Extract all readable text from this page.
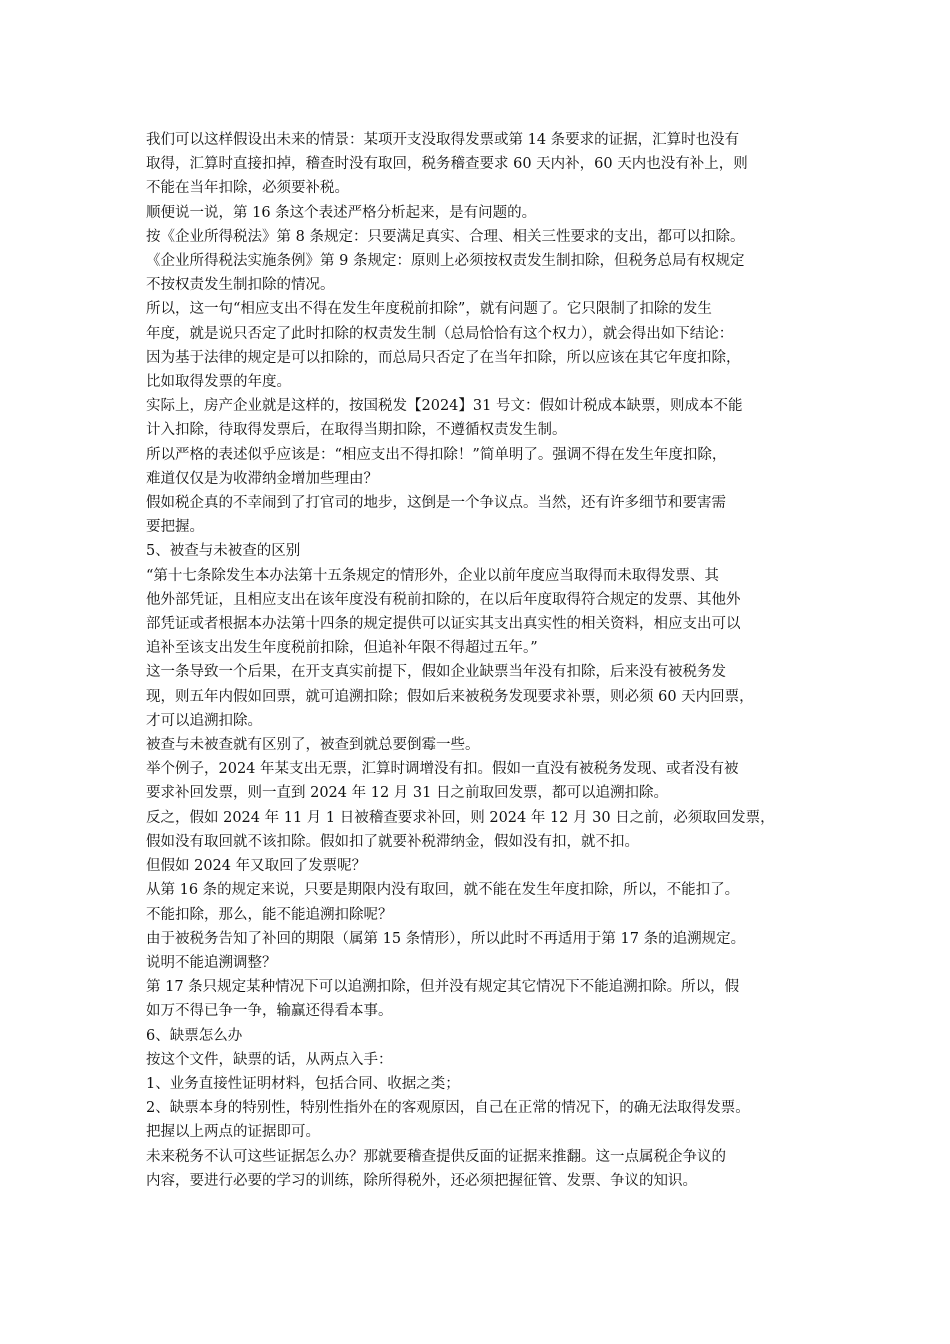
我们可以这样假设出未来的情景：某项开支没取得发票或第 14 条要求的证据，汇算时也没有
取得，汇算时直接扣掉，稽查时没有取回，税务稽查要求 60 天内补，60 天内也没有补上，则
不能在当年扣除，必须要补税。
顺便说一说，第 16 条这个表述严格分析起来，是有问题的。
按《企业所得税法》第 8 条规定：只要满足真实、合理、相关三性要求的支出，都可以扣除。
《企业所得税法实施条例》第 9 条规定：原则上必须按权责发生制扣除，但税务总局有权规定
不按权责发生制扣除的情况。
所以，这一句“相应支出不得在发生年度税前扣除”，就有问题了。它只限制了扣除的发生
年度，就是说只否定了此时扣除的权责发生制（总局恰恰有这个权力），就会得出如下结论：
因为基于法律的规定是可以扣除的，而总局只否定了在当年扣除，所以应该在其它年度扣除，
比如取得发票的年度。
实际上，房产企业就是这样的，按国税发【2024】31 号文：假如计税成本缺票，则成本不能
计入扣除，待取得发票后，在取得当期扣除，不遵循权责发生制。
所以严格的表述似乎应该是：“相应支出不得扣除！”简单明了。强调不得在发生年度扣除，
难道仅仅是为收滞纳金增加些理由？
假如税企真的不幸闹到了打官司的地步，这倒是一个争议点。当然，还有许多细节和要害需
要把握。
5、被查与未被查的区别
“第十七条除发生本办法第十五条规定的情形外，企业以前年度应当取得而未取得发票、其
他外部凭证，且相应支出在该年度没有税前扣除的，在以后年度取得符合规定的发票、其他外
部凭证或者根据本办法第十四条的规定提供可以证实其支出真实性的相关资料，相应支出可以
追补至该支出发生年度税前扣除，但追补年限不得超过五年。”
这一条导致一个后果，在开支真实前提下，假如企业缺票当年没有扣除，后来没有被税务发
现，则五年内假如回票，就可追溯扣除；假如后来被税务发现要求补票，则必须 60 天内回票，
才可以追溯扣除。
被查与未被查就有区别了，被查到就总要倒霉一些。
举个例子，2024 年某支出无票，汇算时调增没有扣。假如一直没有被税务发现、或者没有被
要求补回发票，则一直到 2024 年 12 月 31 日之前取回发票，都可以追溯扣除。
反之，假如 2024 年 11 月 1 日被稽查要求补回，则 2024 年 12 月 30 日之前，必须取回发票，
假如没有取回就不该扣除。假如扣了就要补税滞纳金，假如没有扣，就不扣。
但假如 2024 年又取回了发票呢？
从第 16 条的规定来说，只要是期限内没有取回，就不能在发生年度扣除，所以，不能扣了。
不能扣除，那么，能不能追溯扣除呢？
由于被税务告知了补回的期限（属第 15 条情形），所以此时不再适用于第 17 条的追溯规定。
说明不能追溯调整？
第 17 条只规定某种情况下可以追溯扣除，但并没有规定其它情况下不能追溯扣除。所以，假
如万不得已争一争，输赢还得看本事。
6、缺票怎么办
按这个文件，缺票的话，从两点入手：
1、业务直接性证明材料，包括合同、收据之类；
2、缺票本身的特别性，特别性指外在的客观原因，自己在正常的情况下，的确无法取得发票。
把握以上两点的证据即可。
未来税务不认可这些证据怎么办？那就要稽查提供反面的证据来推翻。这一点属税企争议的
内容，要进行必要的学习的训练，除所得税外，还必须把握征管、发票、争议的知识。
